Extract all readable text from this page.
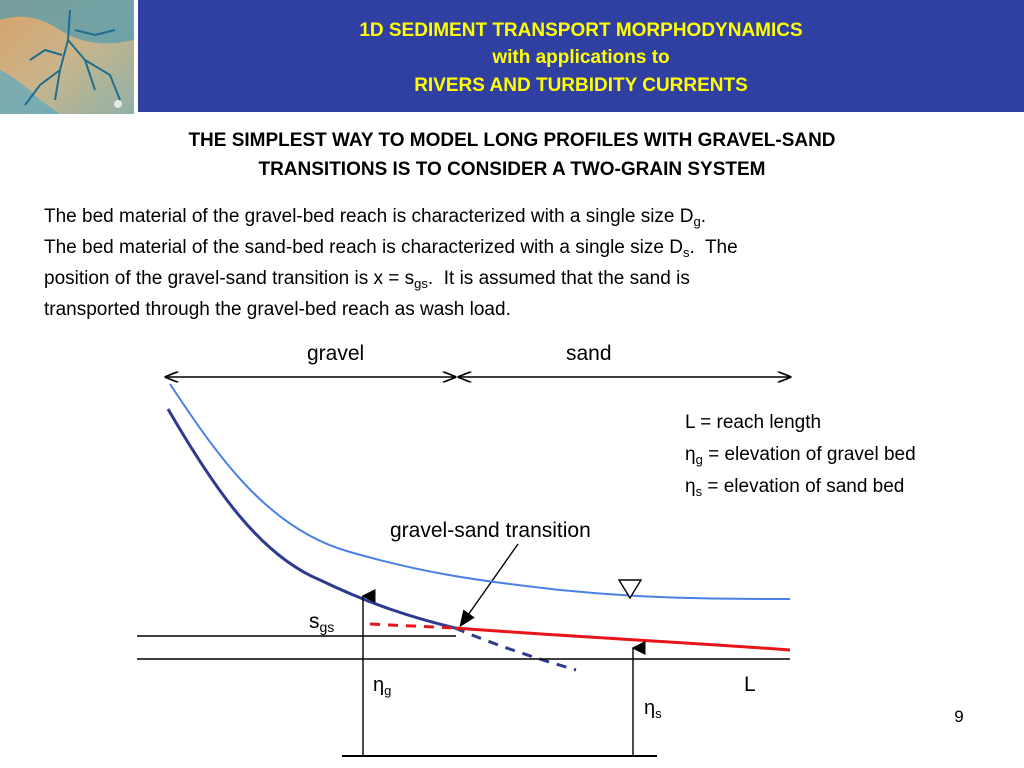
1D SEDIMENT TRANSPORT MORPHODYNAMICS
with applications to
RIVERS AND TURBIDITY CURRENTS
THE SIMPLEST WAY TO MODEL LONG PROFILES WITH GRAVEL-SAND
TRANSITIONS IS TO CONSIDER A TWO-GRAIN SYSTEM
The bed material of the gravel-bed reach is characterized with a single size $D_g$.
The bed material of the sand-bed reach is characterized with a single size $D_s$.  The
position of the gravel-sand transition is $x = s_{gs}$.  It is assumed that the sand is
transported through the gravel-bed reach as wash load.
gravel	sand
L = reach length
$\eta_g$ = elevation of gravel bed
$\eta_s$ = elevation of sand bed
gravel-sand transition
sgs
$\eta_g$
$\eta_s$
L
9
